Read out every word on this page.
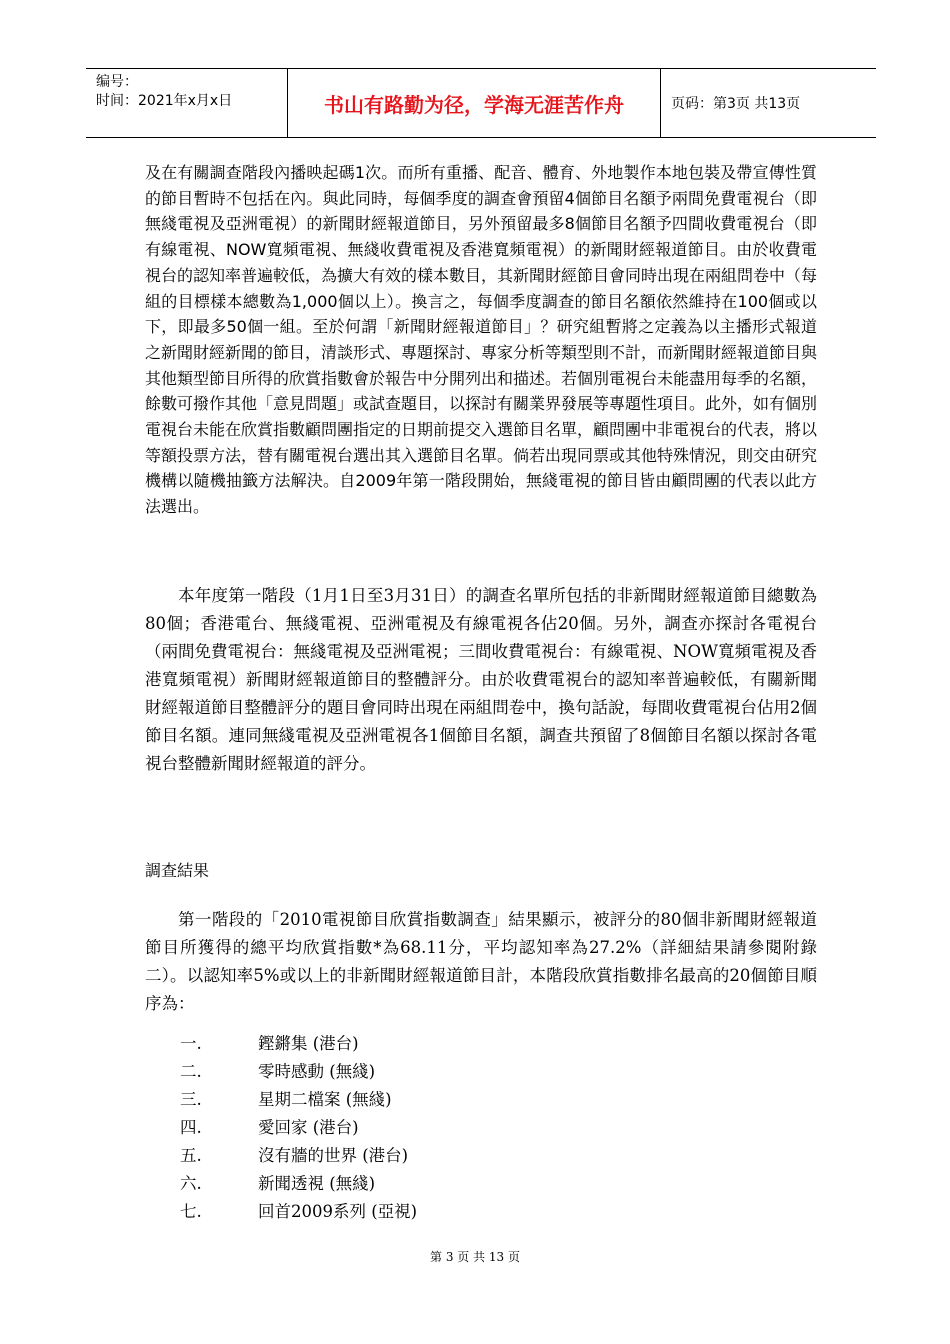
编号：
时间：2021年x月x日	书山有路勤为径，学海无涯苦作舟	页码：第3页 共13页
及在有關調查階段內播映起碼1次。而所有重播、配音、體育、外地製作本地包裝及帶宣傳性質的節目暫時不包括在內。與此同時，每個季度的調查會預留4個節目名額予兩間免費電視台（即無綫電視及亞洲電視）的新聞財經報道節目，另外預留最多8個節目名額予四間收費電視台（即有線電視、NOW寬頻電視、無綫收費電視及香港寬頻電視）的新聞財經報道節目。由於收費電視台的認知率普遍較低，為擴大有效的樣本數目，其新聞財經節目會同時出現在兩組問卷中（每組的目標樣本總數為1,000個以上）。換言之，每個季度調查的節目名額依然維持在100個或以下，即最多50個一組。至於何謂「新聞財經報道節目」？研究組暫將之定義為以主播形式報道之新聞財經新聞的節目，清談形式、專題探討、專家分析等類型則不計，而新聞財經報道節目與其他類型節目所得的欣賞指數會於報告中分開列出和描述。若個別電視台未能盡用每季的名額，餘數可撥作其他「意見問題」或試查題目，以探討有關業界發展等專題性項目。此外，如有個別電視台未能在欣賞指數顧問團指定的日期前提交入選節目名單，顧問團中非電視台的代表，將以等額投票方法，替有關電視台選出其入選節目名單。倘若出現同票或其他特殊情況，則交由研究機構以隨機抽籤方法解決。自2009年第一階段開始，無綫電視的節目皆由顧問團的代表以此方法選出。
本年度第一階段（1月1日至3月31日）的調查名單所包括的非新聞財經報道節目總數為80個；香港電台、無綫電視、亞洲電視及有線電視各佔20個。另外，調查亦探討各電視台（兩間免費電視台：無綫電視及亞洲電視；三間收費電視台：有線電視、NOW寬頻電視及香港寬頻電視）新聞財經報道節目的整體評分。由於收費電視台的認知率普遍較低，有關新聞財經報道節目整體評分的題目會同時出現在兩組問卷中，換句話說，每間收費電視台佔用2個節目名額。連同無綫電視及亞洲電視各1個節目名額，調查共預留了8個節目名額以探討各電視台整體新聞財經報道的評分。
調查結果
第一階段的「2010電視節目欣賞指數調查」結果顯示，被評分的80個非新聞財經報道節目所獲得的總平均欣賞指數*為68.11分，平均認知率為27.2%（詳細結果請參閱附錄二）。以認知率5%或以上的非新聞財經報道節目計，本階段欣賞指數排名最高的20個節目順序為：
一.	鏗鏘集 (港台)
二.	零時感動 (無綫)
三.	星期二檔案 (無綫)
四.	愛回家 (港台)
五.	沒有牆的世界 (港台)
六.	新聞透視 (無綫)
七.	回首2009系列 (亞視)
第 3 页 共 13 页
